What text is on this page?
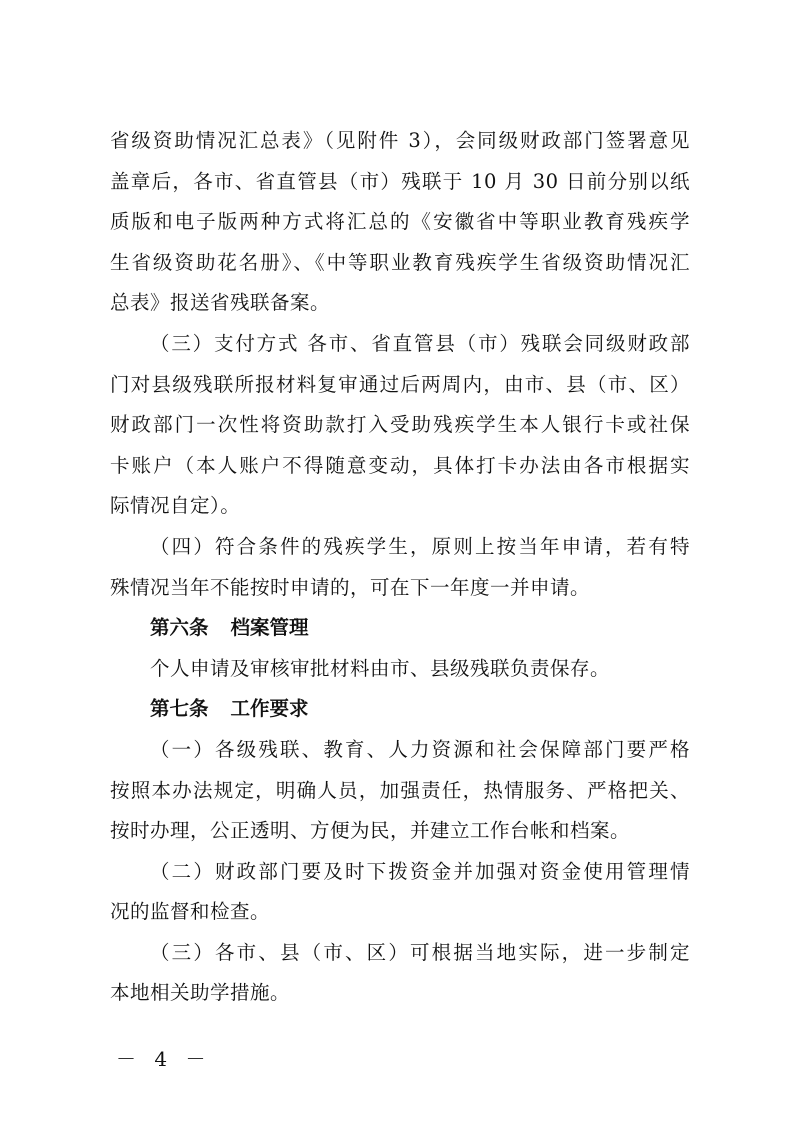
省级资助情况汇总表》（见附件 3），会同级财政部门签署意见
盖章后，各市、省直管县（市）残联于 10 月 30 日前分别以纸
质版和电子版两种方式将汇总的《安徽省中等职业教育残疾学
生省级资助花名册》、《中等职业教育残疾学生省级资助情况汇
总表》报送省残联备案。
（三）支付方式 各市、省直管县（市）残联会同级财政部
门对县级残联所报材料复审通过后两周内，由市、县（市、区）
财政部门一次性将资助款打入受助残疾学生本人银行卡或社保
卡账户（本人账户不得随意变动，具体打卡办法由各市根据实
际情况自定）。
（四）符合条件的残疾学生，原则上按当年申请，若有特
殊情况当年不能按时申请的，可在下一年度一并申请。
第六条 档案管理
个人申请及审核审批材料由市、县级残联负责保存。
第七条 工作要求
（一）各级残联、教育、人力资源和社会保障部门要严格
按照本办法规定，明确人员，加强责任，热情服务、严格把关、
按时办理，公正透明、方便为民，并建立工作台帐和档案。
（二）财政部门要及时下拨资金并加强对资金使用管理情
况的监督和检查。
（三）各市、县（市、区）可根据当地实际，进一步制定
本地相关助学措施。
－ 4 －
